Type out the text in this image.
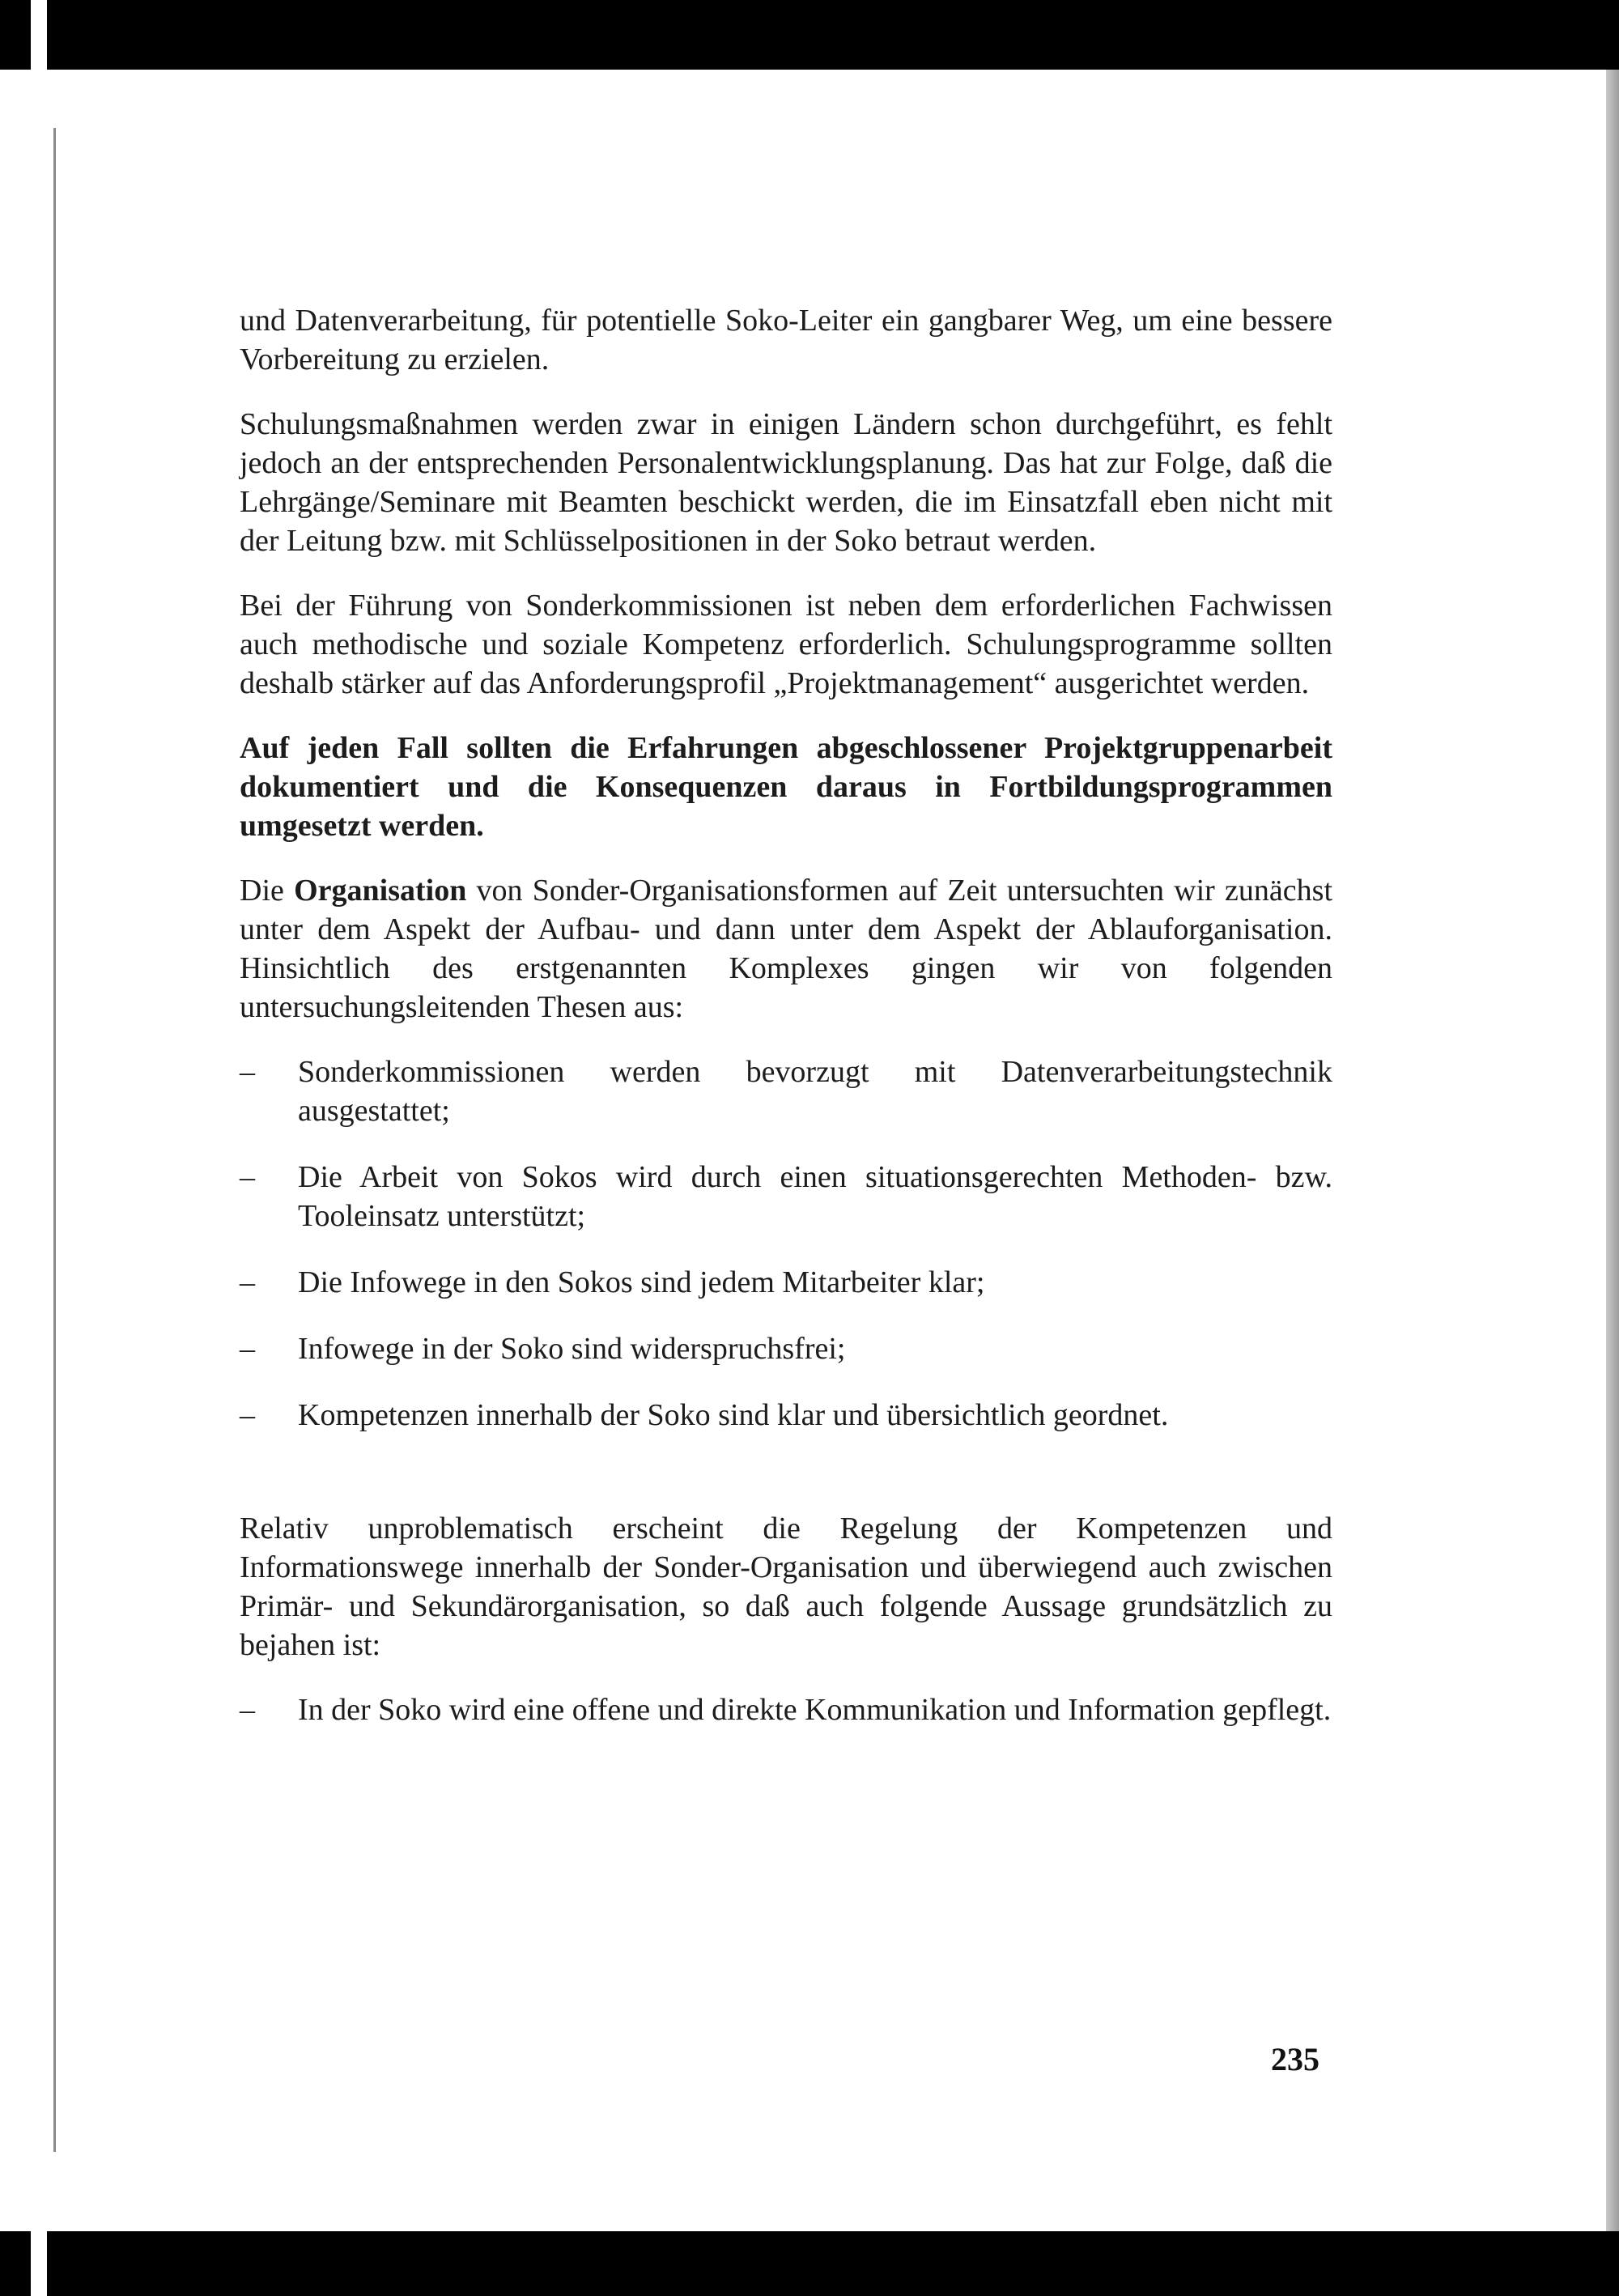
und Datenverarbeitung, für potentielle Soko-Leiter ein gangbarer Weg, um eine bessere Vorbereitung zu erzielen.

Schulungsmaßnahmen werden zwar in einigen Ländern schon durchgeführt, es fehlt jedoch an der entsprechenden Personalentwicklungsplanung. Das hat zur Folge, daß die Lehrgänge/Seminare mit Beamten beschickt werden, die im Einsatzfall eben nicht mit der Leitung bzw. mit Schlüsselpositionen in der Soko betraut werden.

Bei der Führung von Sonderkommissionen ist neben dem erforderlichen Fachwissen auch methodische und soziale Kompetenz erforderlich. Schulungsprogramme sollten deshalb stärker auf das Anforderungsprofil „Projektmanagement“ ausgerichtet werden.

Auf jeden Fall sollten die Erfahrungen abgeschlossener Projektgruppenarbeit dokumentiert und die Konsequenzen daraus in Fortbildungsprogrammen umgesetzt werden.

Die Organisation von Sonder-Organisationsformen auf Zeit untersuchten wir zunächst unter dem Aspekt der Aufbau- und dann unter dem Aspekt der Ablauforganisation. Hinsichtlich des erstgenannten Komplexes gingen wir von folgenden untersuchungsleitenden Thesen aus:

–	Sonderkommissionen werden bevorzugt mit Datenverarbeitungstechnik ausgestattet;
–	Die Arbeit von Sokos wird durch einen situationsgerechten Methoden- bzw. Tooleinsatz unterstützt;
–	Die Infowege in den Sokos sind jedem Mitarbeiter klar;
–	Infowege in der Soko sind widerspruchsfrei;
–	Kompetenzen innerhalb der Soko sind klar und übersichtlich geordnet.

Relativ unproblematisch erscheint die Regelung der Kompetenzen und Informationswege innerhalb der Sonder-Organisation und überwiegend auch zwischen Primär- und Sekundärorganisation, so daß auch folgende Aussage grundsätzlich zu bejahen ist:

–	In der Soko wird eine offene und direkte Kommunikation und Information gepflegt.
235
